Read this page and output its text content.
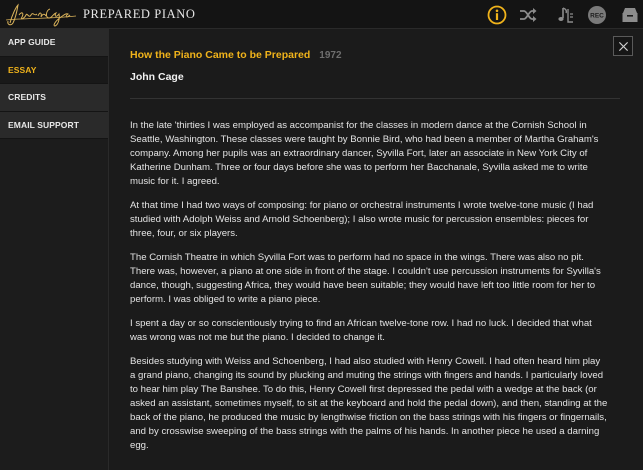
PREPARED PIANO	REC
APP GUIDE
ESSAY
CREDITS
EMAIL SUPPORT
How the Piano Came to be Prepared 1972
John Cage

In the late 'thirties I was employed as accompanist for the classes in modern dance at the Cornish School in Seattle, Washington. These classes were taught by Bonnie Bird, who had been a member of Martha Graham's company. Among her pupils was an extraordinary dancer, Syvilla Fort, later an associate in New York City of Katherine Dunham. Three or four days before she was to perform her Bacchanale, Syvilla asked me to write music for it. I agreed.

At that time I had two ways of composing: for piano or orchestral instruments I wrote twelve-tone music (I had studied with Adolph Weiss and Arnold Schoenberg); I also wrote music for percussion ensembles: pieces for three, four, or six players.

The Cornish Theatre in which Syvilla Fort was to perform had no space in the wings. There was also no pit. There was, however, a piano at one side in front of the stage. I couldn't use percussion instruments for Syvilla's dance, though, suggesting Africa, they would have been suitable; they would have left too little room for her to perform. I was obliged to write a piano piece.

I spent a day or so conscientiously trying to find an African twelve-tone row. I had no luck. I decided that what was wrong was not me but the piano. I decided to change it.

Besides studying with Weiss and Schoenberg, I had also studied with Henry Cowell. I had often heard him play a grand piano, changing its sound by plucking and muting the strings with fingers and hands. I particularly loved to hear him play The Banshee. To do this, Henry Cowell first depressed the pedal with a wedge at the back (or asked an assistant, sometimes myself, to sit at the keyboard and hold the pedal down), and then, standing at the back of the piano, he produced the music by lengthwise friction on the bass strings with his fingers or fingernails, and by crosswise sweeping of the bass strings with the palms of his hands. In another piece he used a darning egg.
